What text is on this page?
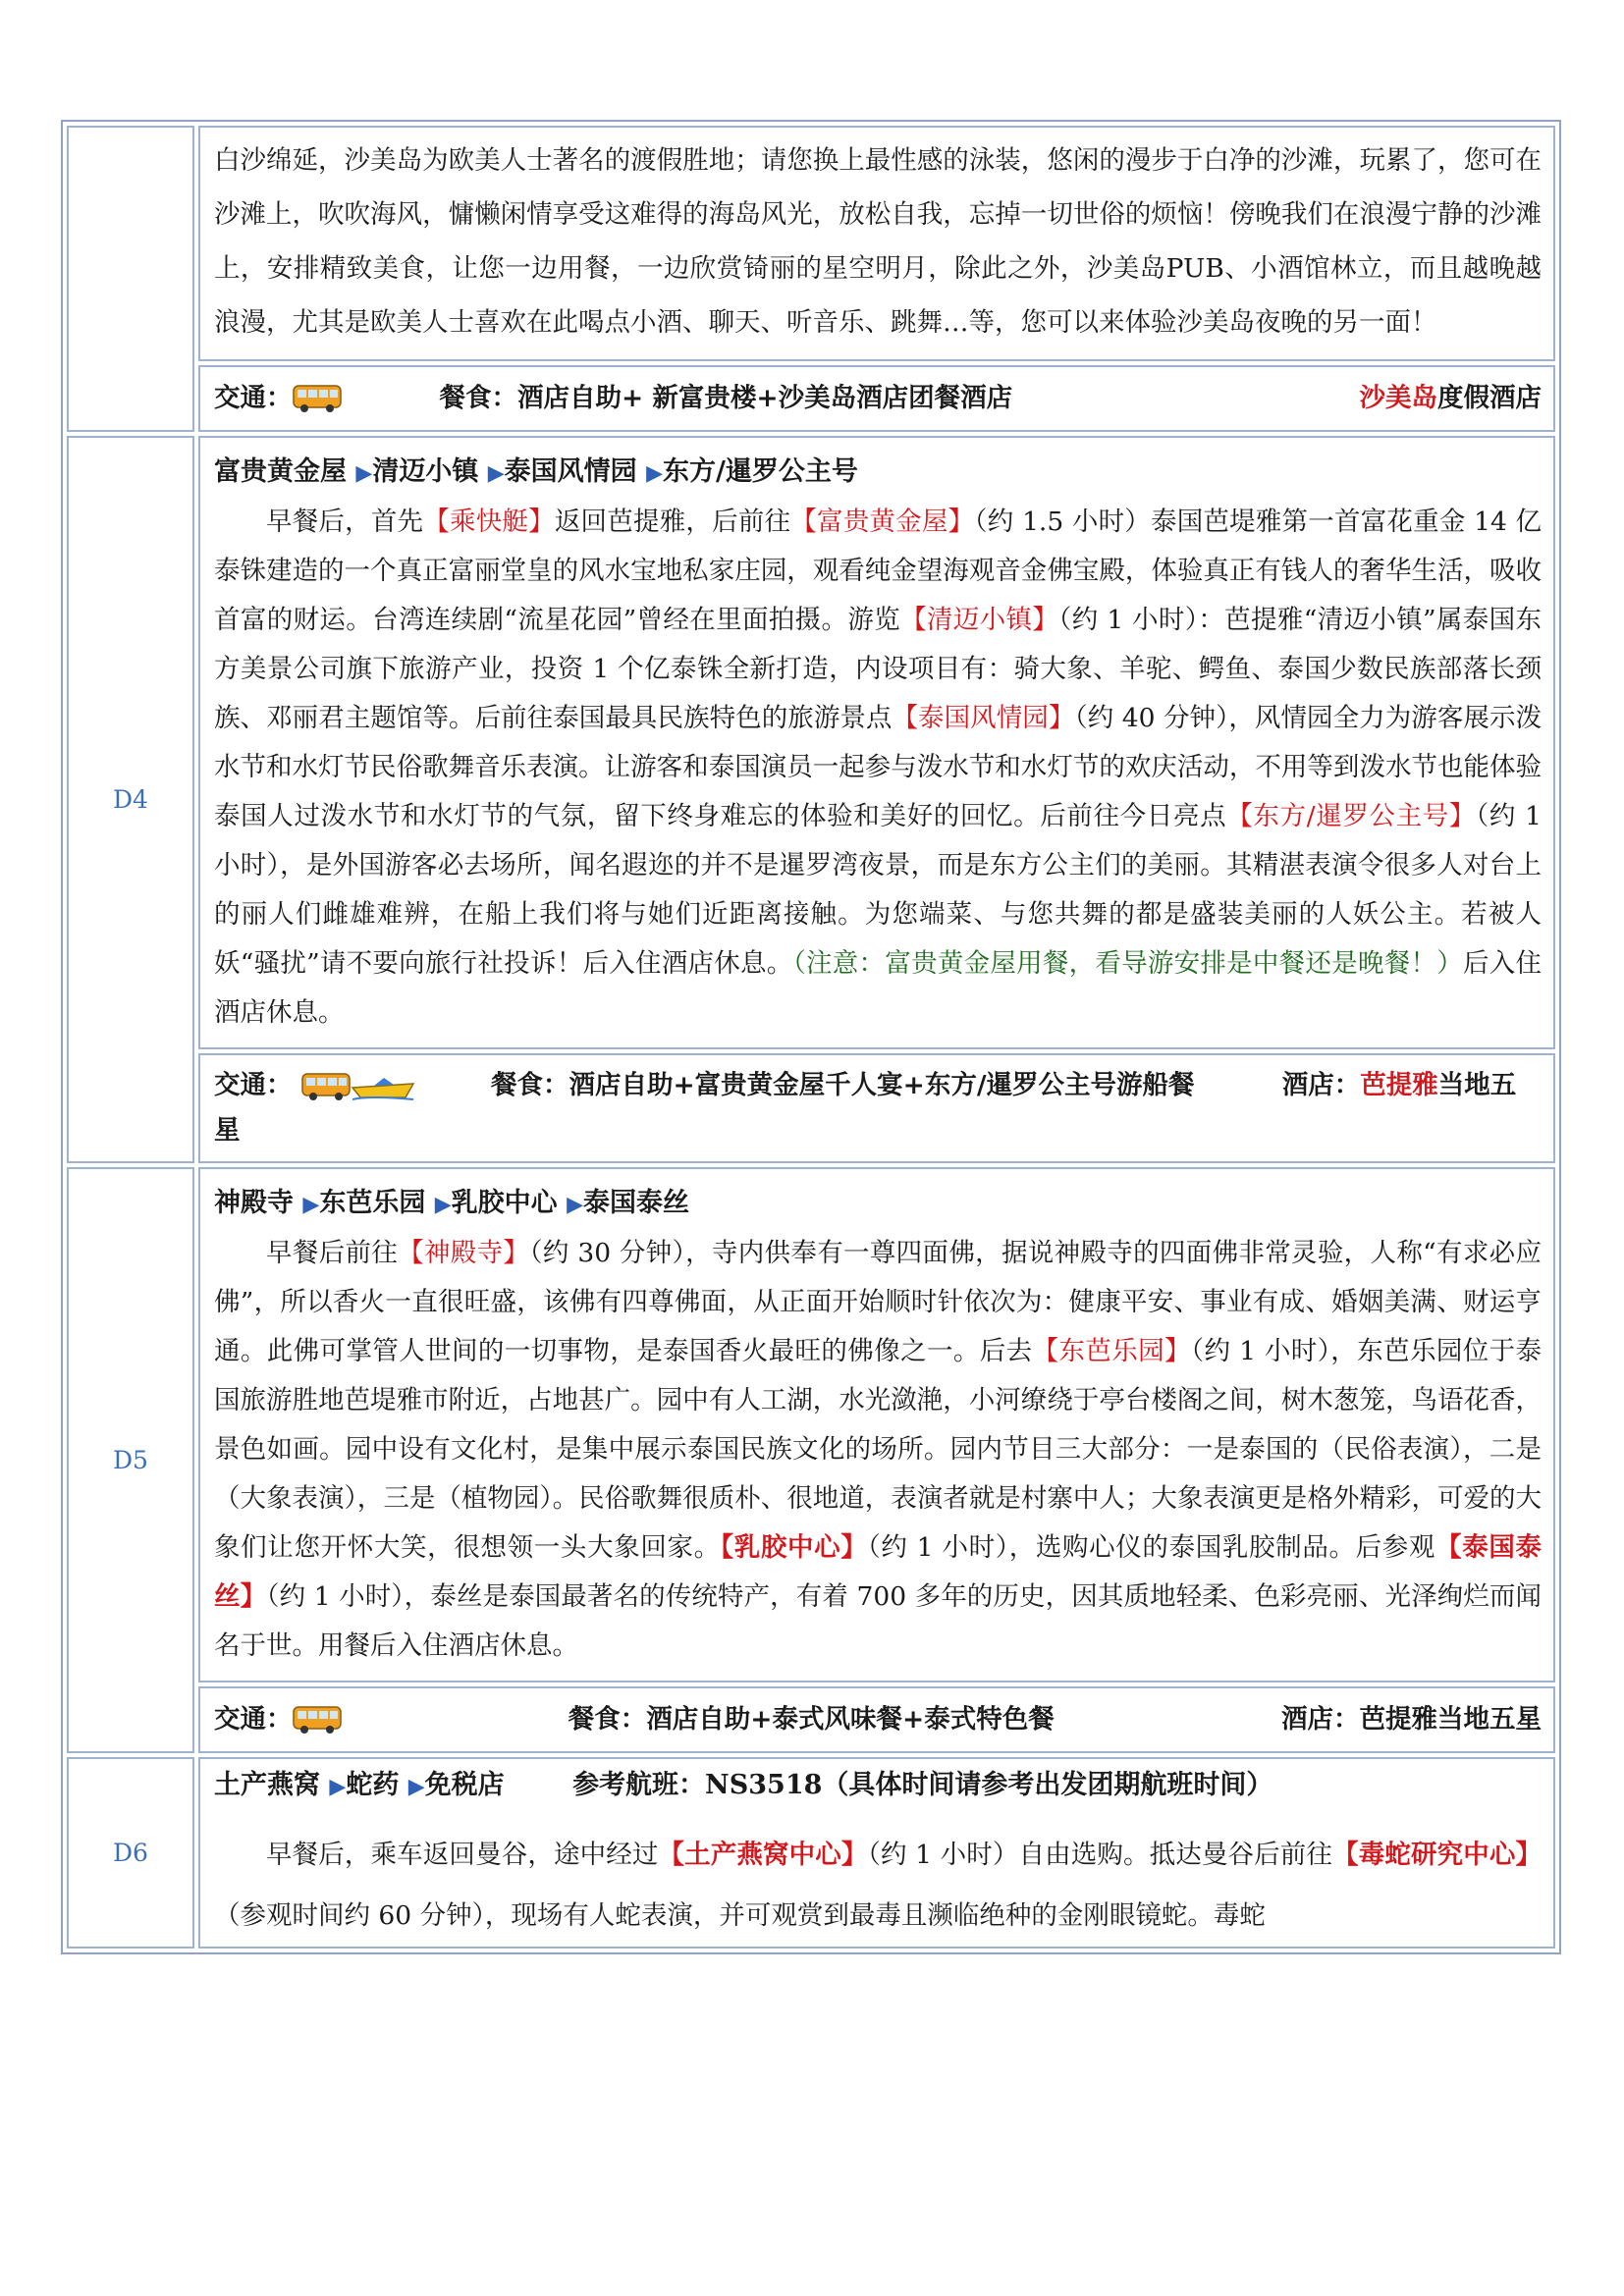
	白沙绵延，沙美岛为欧美人士著名的渡假胜地；请您换上最性感的泳装，悠闲的漫步于白净的沙滩，玩累了，您可在沙滩上，吹吹海风，慵懒闲情享受这难得的海岛风光，放松自我，忘掉一切世俗的烦恼！傍晚我们在浪漫宁静的沙滩上，安排精致美食，让您一边用餐，一边欣赏锜丽的星空明月，除此之外，沙美岛PUB、小酒馆林立，而且越晚越浪漫，尤其是欧美人士喜欢在此喝点小酒、聊天、听音乐、跳舞…等，您可以来体验沙美岛夜晚的另一面！

	交通： 餐食：酒店自助+ 新富贵楼+沙美岛酒店团餐酒店 沙美岛度假酒店

D4	富贵黄金屋 ▶清迈小镇 ▶泰国风情园 ▶东方/暹罗公主号

早餐后，首先【乘快艇】返回芭提雅，后前往【富贵黄金屋】（约 1.5 小时）泰国芭堤雅第一首富花重金 14 亿泰铢建造的一个真正富丽堂皇的风水宝地私家庄园，观看纯金望海观音金佛宝殿，体验真正有钱人的奢华生活，吸收首富的财运。台湾连续剧“流星花园”曾经在里面拍摄。游览【清迈小镇】（约 1 小时）：芭提雅“清迈小镇”属泰国东方美景公司旗下旅游产业，投资 1 个亿泰铢全新打造，内设项目有：骑大象、羊驼、鳄鱼、泰国少数民族部落长颈族、邓丽君主题馆等。后前往泰国最具民族特色的旅游景点【泰国风情园】（约 40 分钟），风情园全力为游客展示泼水节和水灯节民俗歌舞音乐表演。让游客和泰国演员一起参与泼水节和水灯节的欢庆活动，不用等到泼水节也能体验泰国人过泼水节和水灯节的气氛，留下终身难忘的体验和美好的回忆。后前往今日亮点【东方/暹罗公主号】（约 1 小时），是外国游客必去场所，闻名遐迩的并不是暹罗湾夜景，而是东方公主们的美丽。其精湛表演令很多人对台上的丽人们雌雄难辨，在船上我们将与她们近距离接触。为您端菜、与您共舞的都是盛装美丽的人妖公主。若被人妖“骚扰”请不要向旅行社投诉！后入住酒店休息。（注意：富贵黄金屋用餐，看导游安排是中餐还是晚餐！）后入住酒店休息。

	交通： 餐食：酒店自助+富贵黄金屋千人宴+东方/暹罗公主号游船餐 酒店：芭提雅当地五星

D5	神殿寺 ▶东芭乐园 ▶乳胶中心 ▶泰国泰丝

早餐后前往【神殿寺】（约 30 分钟），寺内供奉有一尊四面佛，据说神殿寺的四面佛非常灵验，人称“有求必应佛”，所以香火一直很旺盛，该佛有四尊佛面，从正面开始顺时针依次为：健康平安、事业有成、婚姻美满、财运亨通。此佛可掌管人世间的一切事物，是泰国香火最旺的佛像之一。后去【东芭乐园】（约 1 小时），东芭乐园位于泰国旅游胜地芭堤雅市附近，占地甚广。园中有人工湖，水光潋滟，小河缭绕于亭台楼阁之间，树木葱笼，鸟语花香，景色如画。园中设有文化村，是集中展示泰国民族文化的场所。园内节目三大部分：一是泰国的（民俗表演），二是（大象表演），三是（植物园）。民俗歌舞很质朴、很地道，表演者就是村寨中人；大象表演更是格外精彩，可爱的大象们让您开怀大笑，很想领一头大象回家。【乳胶中心】（约 1 小时），选购心仪的泰国乳胶制品。后参观【泰国泰丝】（约 1 小时），泰丝是泰国最著名的传统特产，有着 700 多年的历史，因其质地轻柔、色彩亮丽、光泽绚烂而闻名于世。用餐后入住酒店休息。

	交通： 餐食：酒店自助+泰式风味餐+泰式特色餐 酒店：芭提雅当地五星

D6	土产燕窝 ▶蛇药 ▶免税店 参考航班：NS3518（具体时间请参考出发团期航班时间）

早餐后，乘车返回曼谷，途中经过【土产燕窝中心】（约 1 小时）自由选购。抵达曼谷后前往【毒蛇研究中心】（参观时间约 60 分钟），现场有人蛇表演，并可观赏到最毒且濒临绝种的金刚眼镜蛇。毒蛇
